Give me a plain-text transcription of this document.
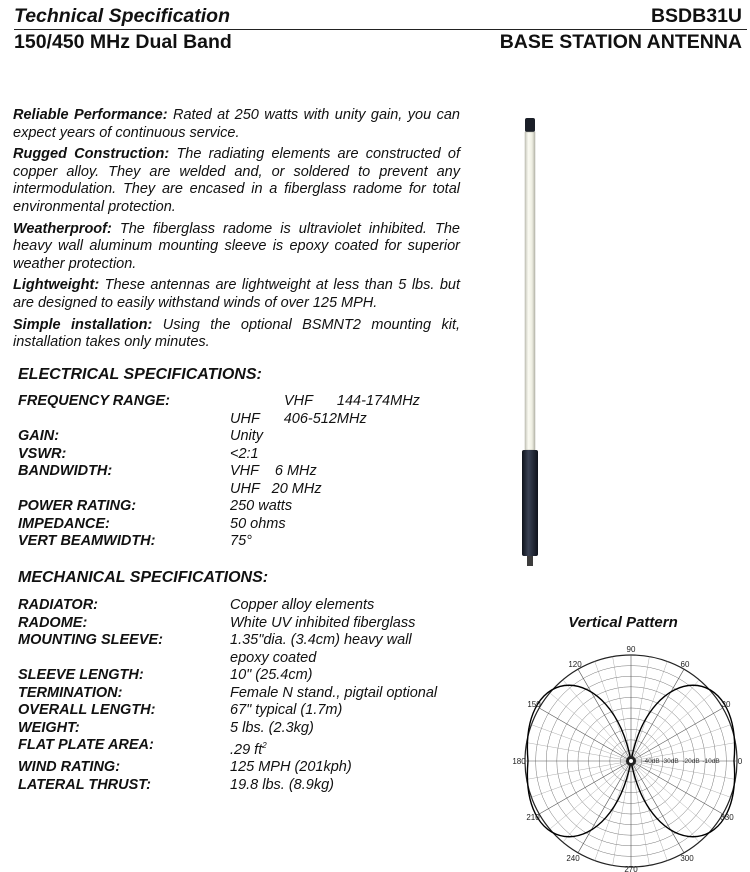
Technical Specification	BSDB31U
150/450 MHz Dual Band	BASE STATION ANTENNA

Reliable Performance: Rated at 250 watts with unity gain, you can expect years of continuous service.

Rugged Construction: The radiating elements are constructed of copper alloy. They are welded and, or soldered to prevent any intermodulation. They are encased in a fiberglass radome for total environmental protection.

Weatherproof: The fiberglass radome is ultraviolet inhibited. The heavy wall aluminum mounting sleeve is epoxy coated for superior weather protection.

Lightweight: These antennas are lightweight at less than 5 lbs. but are designed to easily withstand winds of over 125 MPH.

Simple installation: Using the optional BSMNT2 mounting kit, installation takes only minutes.

ELECTRICAL SPECIFICATIONS:
FREQUENCY RANGE:	VHF      144-174MHz
UHF      406-512MHz
GAIN:	Unity
VSWR:	<2:1
BANDWIDTH:	VHF    6 MHz
UHF   20 MHz
POWER RATING:	250 watts
IMPEDANCE:	50 ohms
VERT BEAMWIDTH:	75°
MECHANICAL SPECIFICATIONS:
RADIATOR:	Copper alloy elements
RADOME:	White UV inhibited fiberglass
MOUNTING SLEEVE:	1.35"dia. (3.4cm) heavy wall
epoxy coated
SLEEVE LENGTH:	10" (25.4cm)
TERMINATION:	Female N stand., pigtail optional
OVERALL LENGTH:	67" typical (1.7m)
WEIGHT:	5 lbs. (2.3kg)
FLAT PLATE AREA:	.29 $ft^2$
WIND RATING:	125 MPH (201kph)
LATERAL THRUST:	19.8 lbs. (8.9kg)
Vertical Pattern
90
60
120
30
150
0
180
330
210
300
240
270
-40dB -30dB -20dB -10dB
